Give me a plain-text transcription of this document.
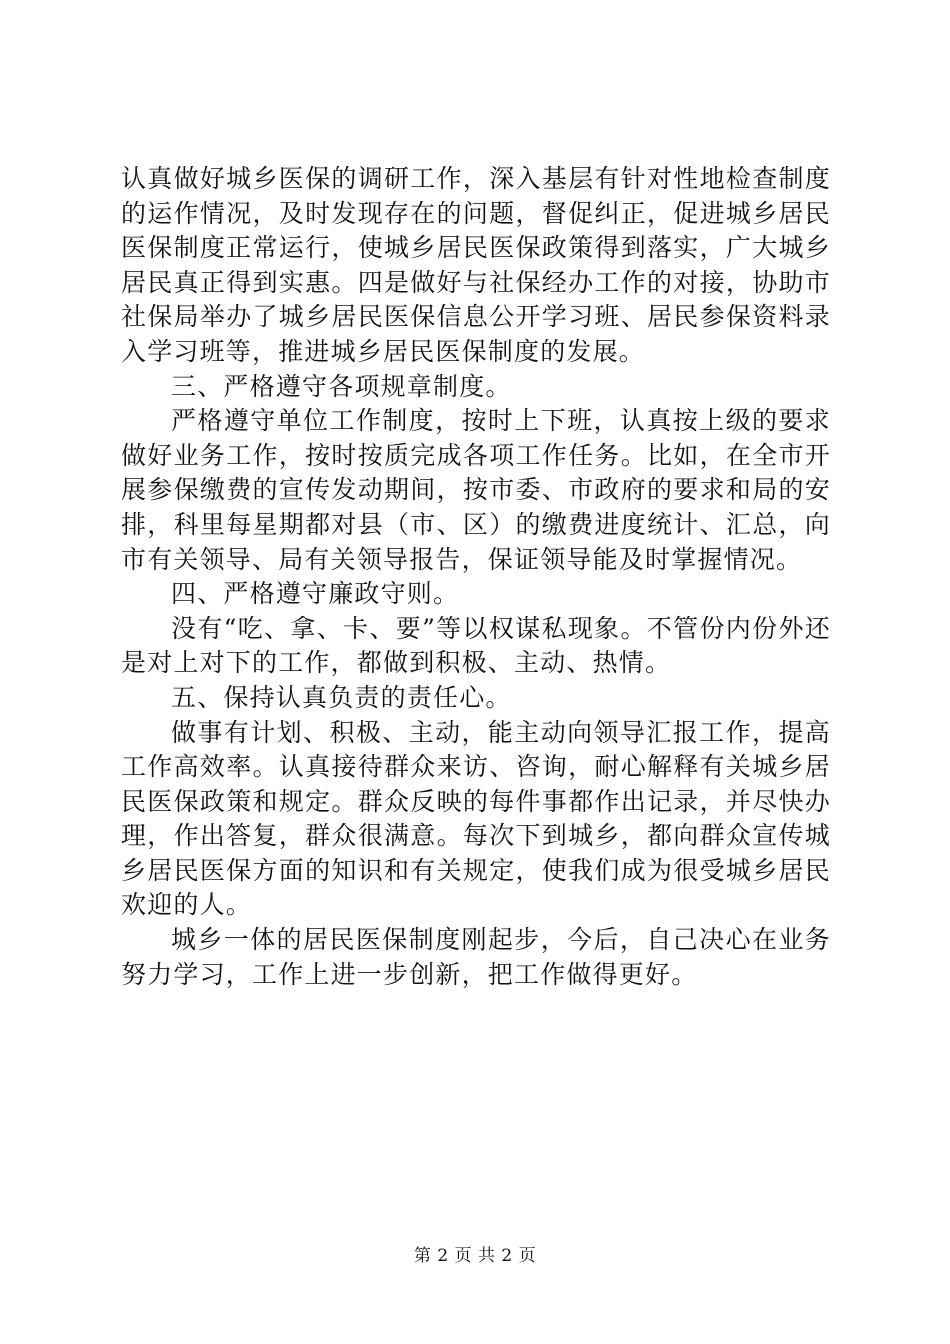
认真做好城乡医保的调研工作，深入基层有针对性地检查制度的运作情况，及时发现存在的问题，督促纠正，促进城乡居民医保制度正常运行，使城乡居民医保政策得到落实，广大城乡居民真正得到实惠。四是做好与社保经办工作的对接，协助市社保局举办了城乡居民医保信息公开学习班、居民参保资料录入学习班等，推进城乡居民医保制度的发展。

三、严格遵守各项规章制度。

严格遵守单位工作制度，按时上下班，认真按上级的要求做好业务工作，按时按质完成各项工作任务。比如，在全市开展参保缴费的宣传发动期间，按市委、市政府的要求和局的安排，科里每星期都对县（市、区）的缴费进度统计、汇总，向市有关领导、局有关领导报告，保证领导能及时掌握情况。

四、严格遵守廉政守则。

没有“吃、拿、卡、要”等以权谋私现象。不管份内份外还是对上对下的工作，都做到积极、主动、热情。

五、保持认真负责的责任心。

做事有计划、积极、主动，能主动向领导汇报工作，提高工作高效率。认真接待群众来访、咨询，耐心解释有关城乡居民医保政策和规定。群众反映的每件事都作出记录，并尽快办理，作出答复，群众很满意。每次下到城乡，都向群众宣传城乡居民医保方面的知识和有关规定，使我们成为很受城乡居民欢迎的人。

城乡一体的居民医保制度刚起步，今后，自己决心在业务努力学习，工作上进一步创新，把工作做得更好。

第 2 页 共 2 页
